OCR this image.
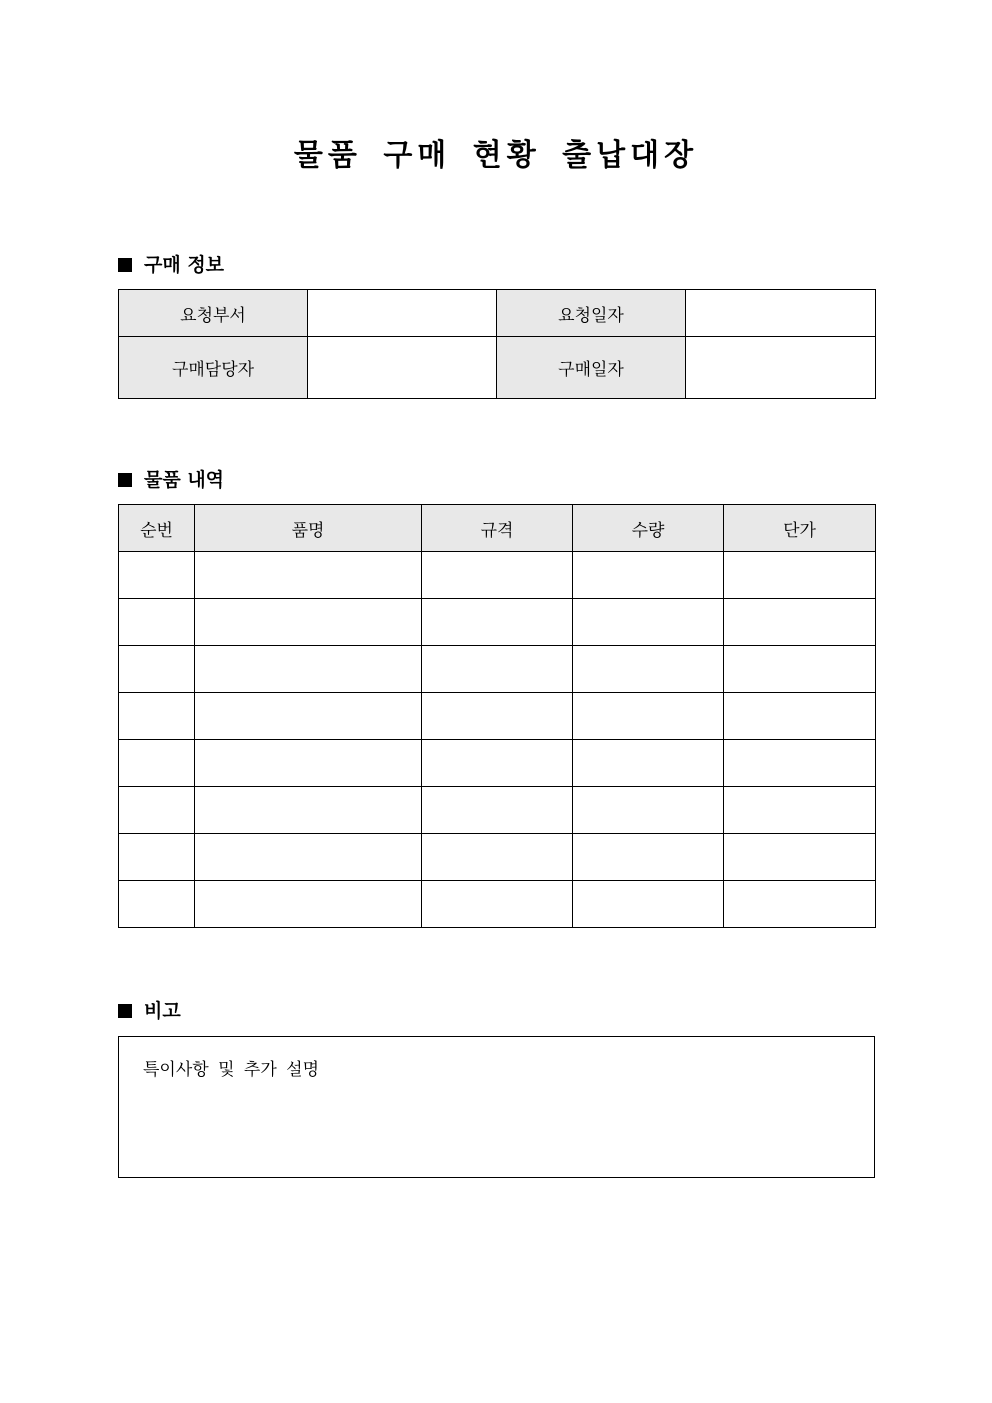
물품 구매 현황 출납대장
구매 정보
요청부서		요청일자	
구매담당자		구매일자	
물품 내역
순번	품명	규격	수량	단가

비고
특이사항 및 추가 설명
